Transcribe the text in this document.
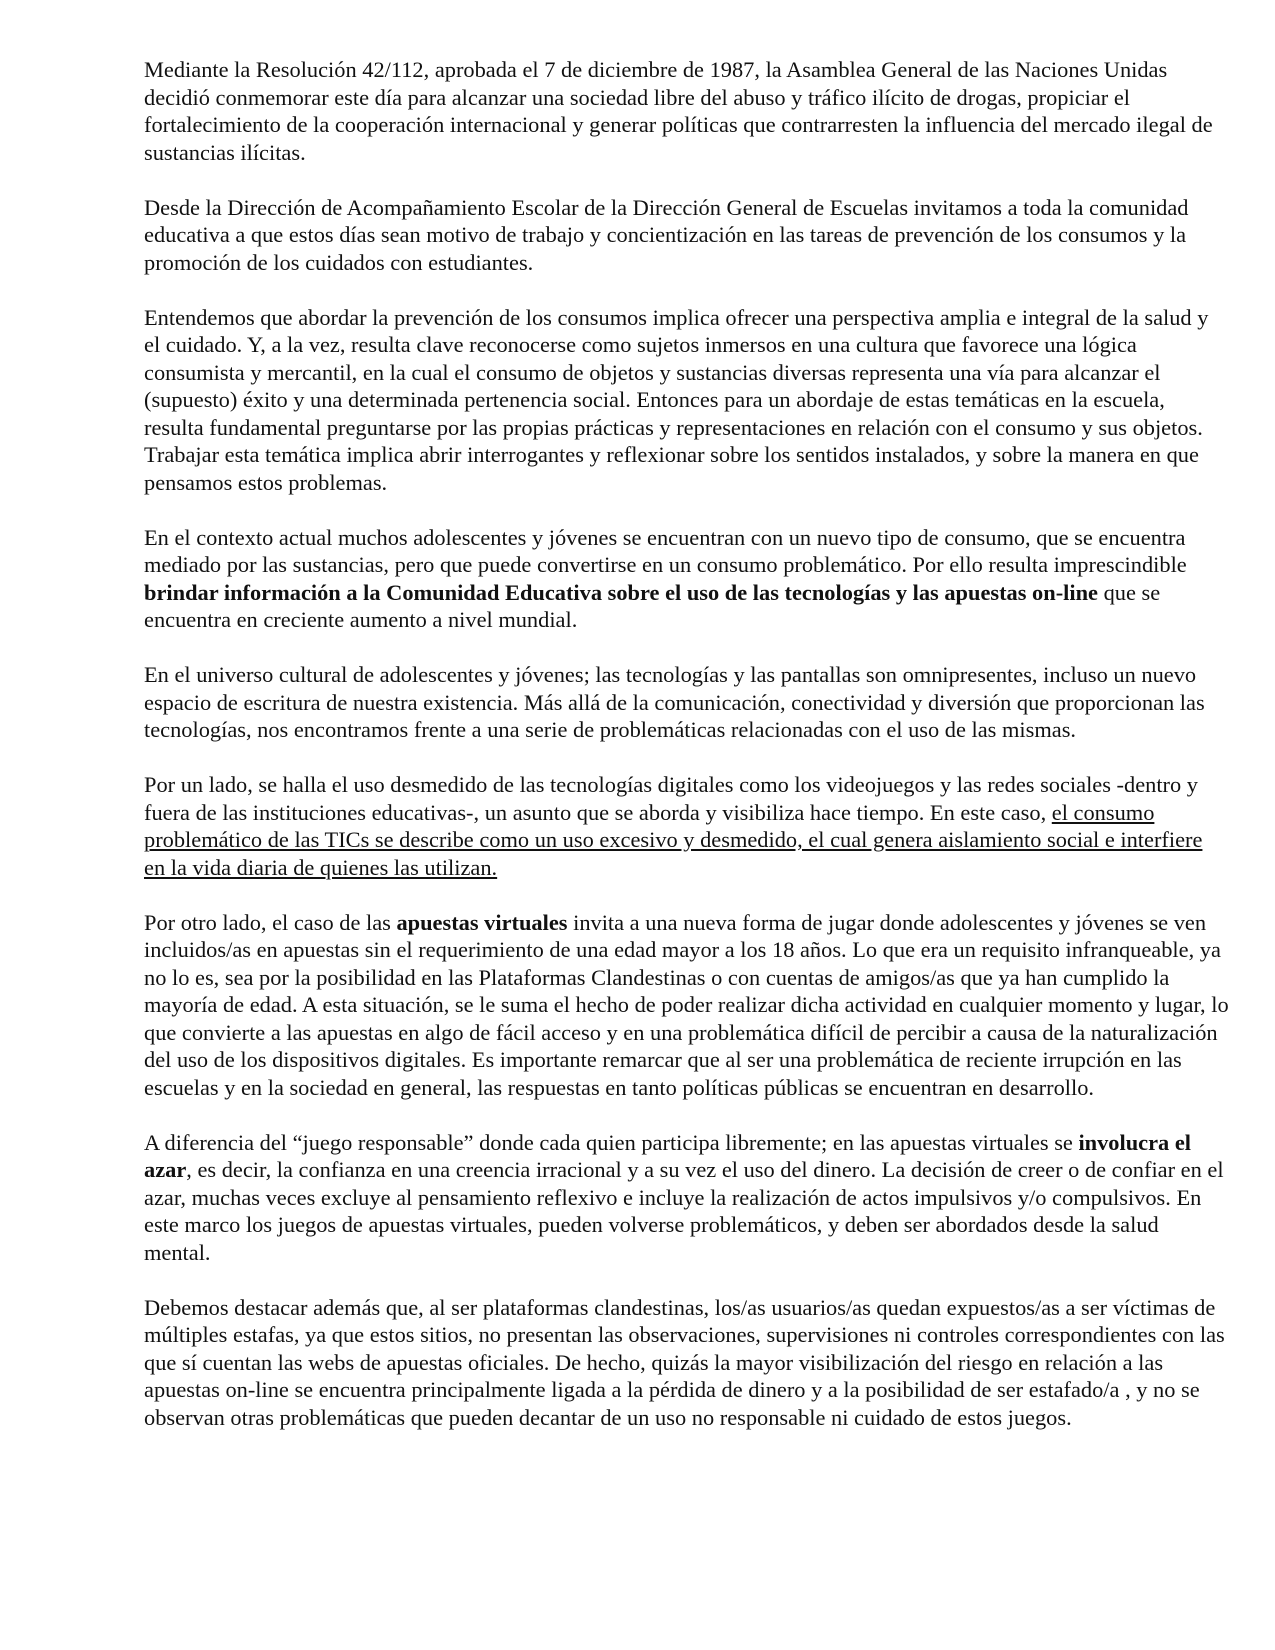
Mediante la Resolución 42/112, aprobada el 7 de diciembre de 1987, la Asamblea General de las Naciones Unidas decidió conmemorar este día para alcanzar una sociedad libre del abuso y tráfico ilícito de drogas, propiciar el fortalecimiento de la cooperación internacional y generar políticas que contrarresten la influencia del mercado ilegal de sustancias ilícitas.

Desde la Dirección de Acompañamiento Escolar de la Dirección General de Escuelas invitamos a toda la comunidad educativa a que estos días sean motivo de trabajo y concientización en las tareas de prevención de los consumos y la promoción de los cuidados con estudiantes.

Entendemos que abordar la prevención de los consumos implica ofrecer una perspectiva amplia e integral de la salud y el cuidado. Y, a la vez, resulta clave reconocerse como sujetos inmersos en una cultura que favorece una lógica consumista y mercantil, en la cual el consumo de objetos y sustancias diversas representa una vía para alcanzar el (supuesto) éxito y una determinada pertenencia social. Entonces para un abordaje de estas temáticas en la escuela, resulta fundamental preguntarse por las propias prácticas y representaciones en relación con el consumo y sus objetos. Trabajar esta temática implica abrir interrogantes y reflexionar sobre los sentidos instalados, y sobre la manera en que pensamos estos problemas.

En el contexto actual muchos adolescentes y jóvenes se encuentran con un nuevo tipo de consumo, que se encuentra mediado por las sustancias, pero que puede convertirse en un consumo problemático. Por ello resulta imprescindible brindar información a la Comunidad Educativa sobre el uso de las tecnologías y las apuestas on-line que se encuentra en creciente aumento a nivel mundial.

En el universo cultural de adolescentes y jóvenes; las tecnologías y las pantallas son omnipresentes, incluso un nuevo espacio de escritura de nuestra existencia. Más allá de la comunicación, conectividad y diversión que proporcionan las tecnologías, nos encontramos frente a una serie de problemáticas relacionadas con el uso de las mismas.

Por un lado, se halla el uso desmedido de las tecnologías digitales como los videojuegos y las redes sociales -dentro y fuera de las instituciones educativas-, un asunto que se aborda y visibiliza hace tiempo. En este caso, el consumo problemático de las TICs se describe como un uso excesivo y desmedido, el cual genera aislamiento social e interfiere en la vida diaria de quienes las utilizan.

Por otro lado, el caso de las apuestas virtuales invita a una nueva forma de jugar donde adolescentes y jóvenes se ven incluidos/as en apuestas sin el requerimiento de una edad mayor a los 18 años. Lo que era un requisito infranqueable, ya no lo es, sea por la posibilidad en las Plataformas Clandestinas o con cuentas de amigos/as que ya han cumplido la mayoría de edad. A esta situación, se le suma el hecho de poder realizar dicha actividad en cualquier momento y lugar, lo que convierte a las apuestas en algo de fácil acceso y en una problemática difícil de percibir a causa de la naturalización del uso de los dispositivos digitales. Es importante remarcar que al ser una problemática de reciente irrupción en las escuelas y en la sociedad en general, las respuestas en tanto políticas públicas se encuentran en desarrollo.

A diferencia del “juego responsable” donde cada quien participa libremente; en las apuestas virtuales se involucra el azar, es decir, la confianza en una creencia irracional y a su vez el uso del dinero. La decisión de creer o de confiar en el azar, muchas veces excluye al pensamiento reflexivo e incluye la realización de actos impulsivos y/o compulsivos. En este marco los juegos de apuestas virtuales, pueden volverse problemáticos, y deben ser abordados desde la salud mental.

Debemos destacar además que, al ser plataformas clandestinas, los/as usuarios/as quedan expuestos/as a ser víctimas de múltiples estafas, ya que estos sitios, no presentan las observaciones, supervisiones ni controles correspondientes con las que sí cuentan las webs de apuestas oficiales. De hecho, quizás la mayor visibilización del riesgo en relación a las apuestas on-line se encuentra principalmente ligada a la pérdida de dinero y a la posibilidad de ser estafado/a , y no se observan otras problemáticas que pueden decantar de un uso no responsable ni cuidado de estos juegos.
